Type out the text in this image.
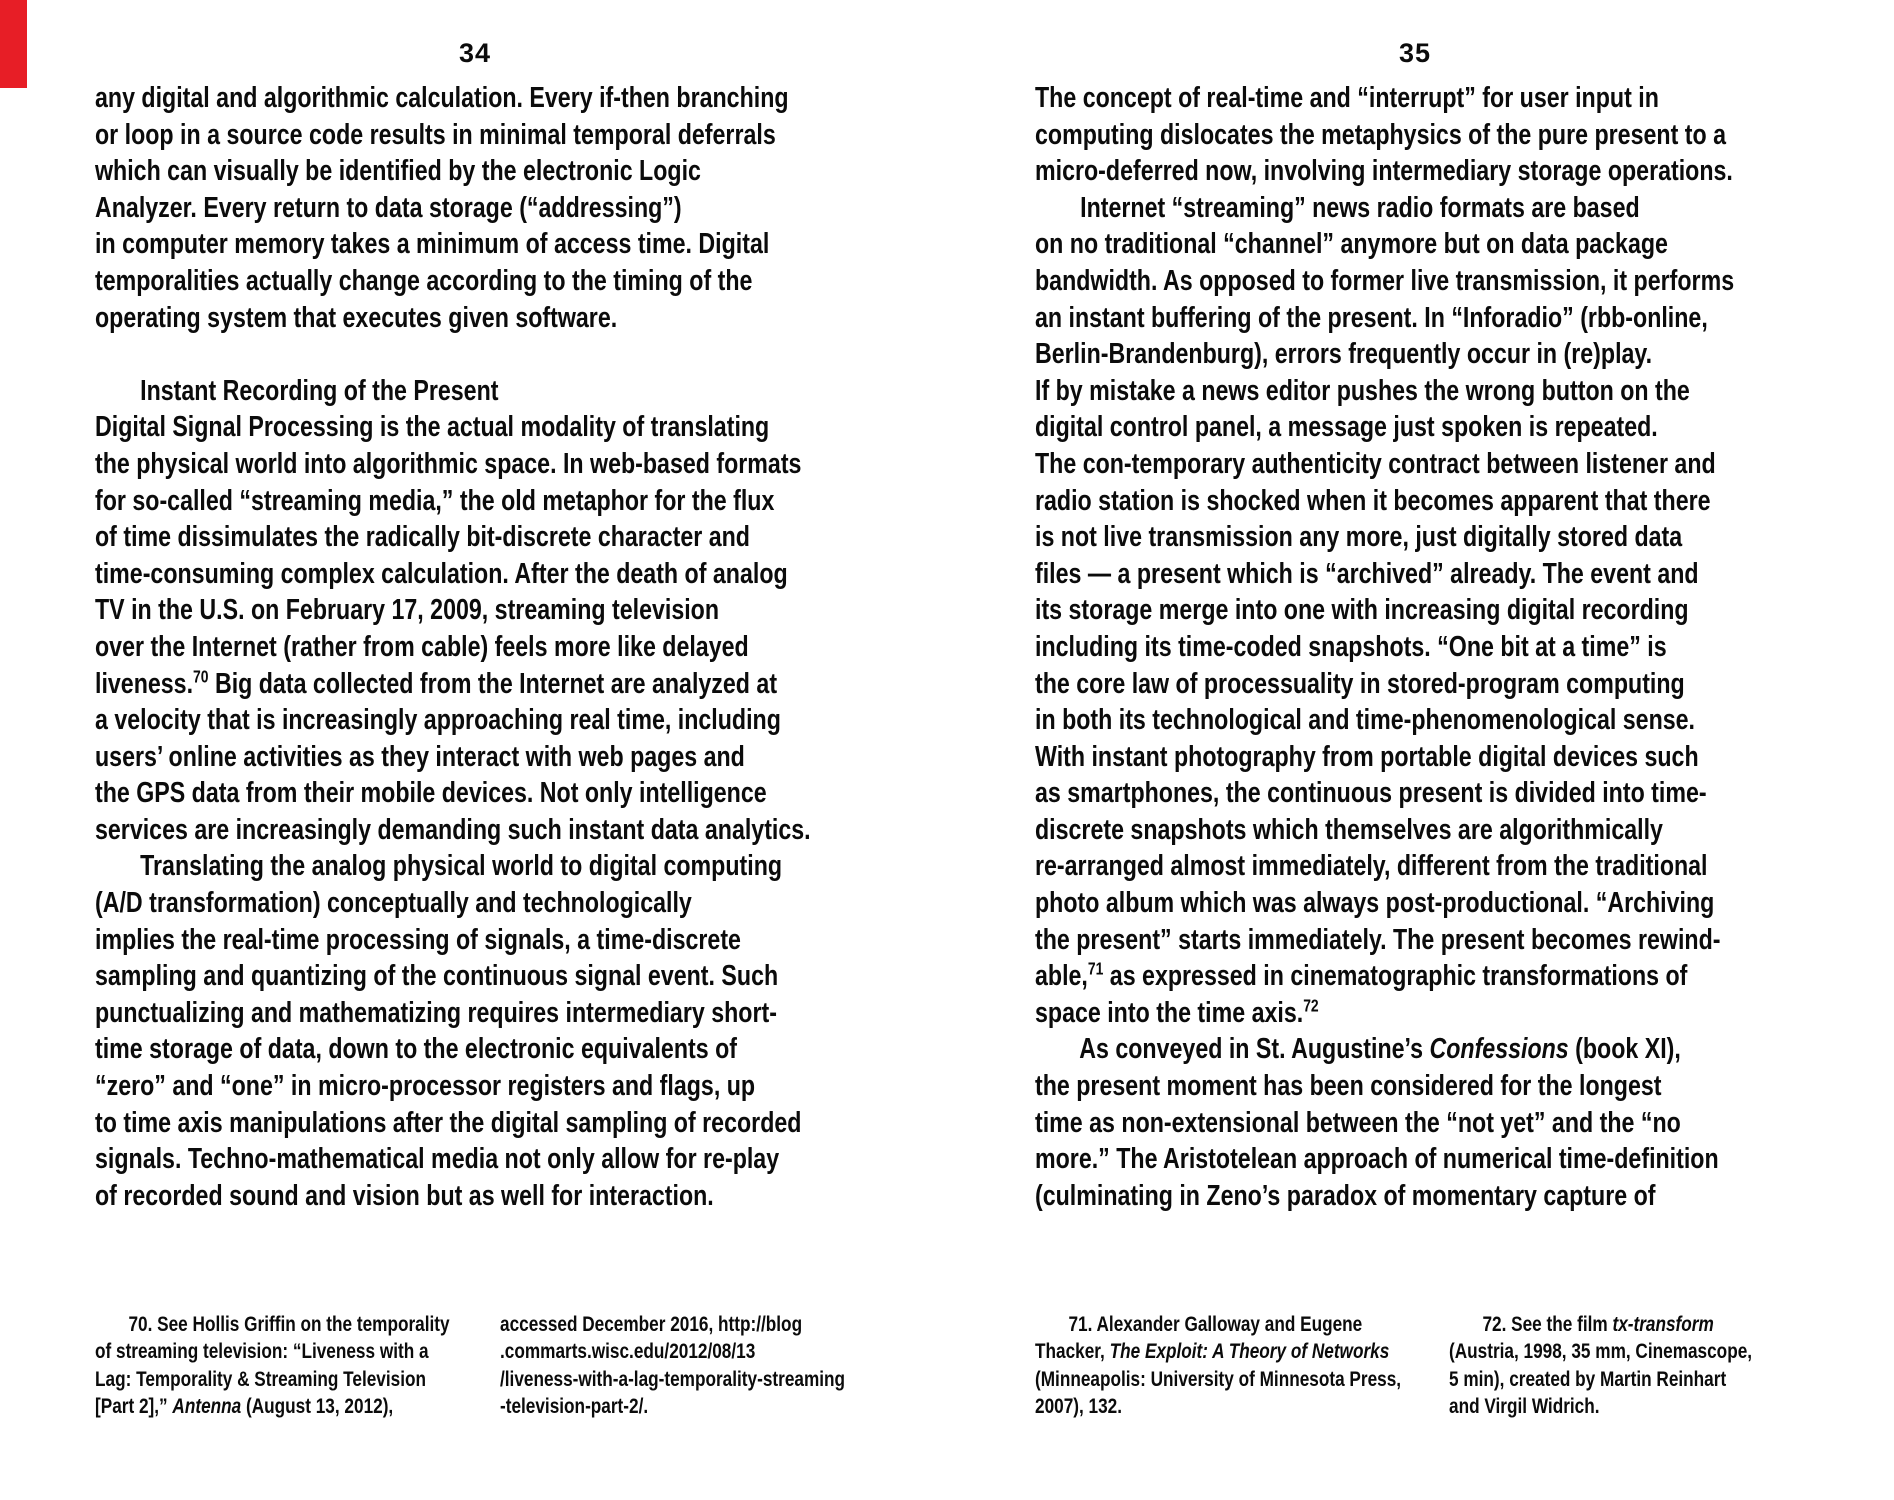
34
any digital and algorithmic calculation. Every if-then branching
or loop in a source code results in minimal temporal deferrals
which can visually be identified by the electronic Logic
Analyzer. Every return to data storage (“addressing”)
in computer memory takes a minimum of access time. Digital
temporalities actually change according to the timing of the
operating system that executes given software.

Instant Recording of the Present
Digital Signal Processing is the actual modality of translating
the physical world into algorithmic space. In web-based formats
for so-called “streaming media,” the old metaphor for the flux
of time dissimulates the radically bit-discrete character and
time-consuming complex calculation. After the death of analog
TV in the U.S. on February 17, 2009, streaming television
over the Internet (rather from cable) feels more like delayed
liveness.$^{70}$ Big data collected from the Internet are analyzed at
a velocity that is increasingly approaching real time, including
users’ online activities as they interact with web pages and
the GPS data from their mobile devices. Not only intelligence
services are increasingly demanding such instant data analytics.
Translating the analog physical world to digital computing
(A/D transformation) conceptually and technologically
implies the real-time processing of signals, a time-discrete
sampling and quantizing of the continuous signal event. Such
punctualizing and mathematizing requires intermediary short-
time storage of data, down to the electronic equivalents of
“zero” and “one” in micro-processor registers and flags, up
to time axis manipulations after the digital sampling of recorded
signals. Techno-mathematical media not only allow for re-play
of recorded sound and vision but as well for interaction.
70. See Hollis Griffin on the temporality
of streaming television: “Liveness with a
Lag: Temporality & Streaming Television
[Part 2],” Antenna (August 13, 2012),
accessed December 2016, http://blog
.commarts.wisc.edu/2012/08/13
/liveness-with-a-lag-temporality-streaming
-television-part-2/.
35
The concept of real-time and “interrupt” for user input in
computing dislocates the metaphysics of the pure present to a
micro-deferred now, involving intermediary storage operations.
Internet “streaming” news radio formats are based
on no traditional “channel” anymore but on data package
bandwidth. As opposed to former live transmission, it performs
an instant buffering of the present. In “Inforadio” (rbb-online,
Berlin-Brandenburg), errors frequently occur in (re)play.
If by mistake a news editor pushes the wrong button on the
digital control panel, a message just spoken is repeated.
The con-temporary authenticity contract between listener and
radio station is shocked when it becomes apparent that there
is not live transmission any more, just digitally stored data
files — a present which is “archived” already. The event and
its storage merge into one with increasing digital recording
including its time-coded snapshots. “One bit at a time” is
the core law of processuality in stored-program computing
in both its technological and time-phenomenological sense.
With instant photography from portable digital devices such
as smartphones, the continuous present is divided into time-
discrete snapshots which themselves are algorithmically
re-arranged almost immediately, different from the traditional
photo album which was always post-productional. “Archiving
the present” starts immediately. The present becomes rewind-
able,$^{71}$ as expressed in cinematographic transformations of
space into the time axis.$^{72}$
As conveyed in St. Augustine’s Confessions (book XI),
the present moment has been considered for the longest
time as non-extensional between the “not yet” and the “no
more.” The Aristotelean approach of numerical time-definition
(culminating in Zeno’s paradox of momentary capture of
71. Alexander Galloway and Eugene
Thacker, The Exploit: A Theory of Networks
(Minneapolis: University of Minnesota Press,
2007), 132.
72. See the film tx-transform
(Austria, 1998, 35 mm, Cinemascope,
5 min), created by Martin Reinhart
and Virgil Widrich.
